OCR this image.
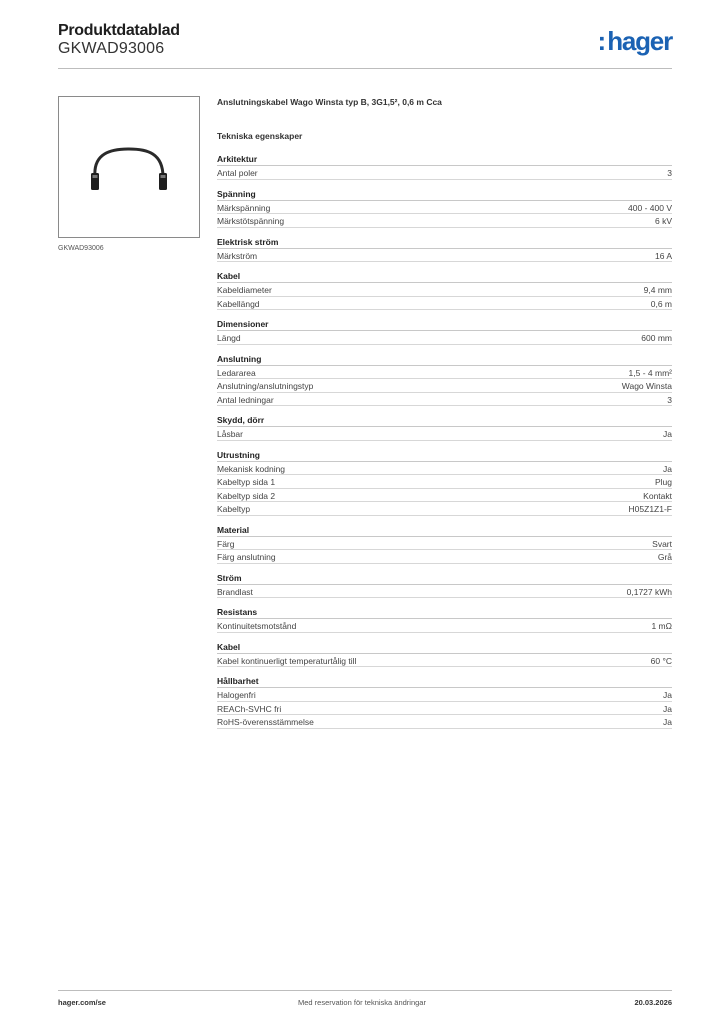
Produktdatablad
GKWAD93006	:hager
GKWAD93006
Anslutningskabel Wago Winsta typ B, 3G1,5², 0,6 m Cca
Tekniska egenskaper
Arkitektur
Antal poler	3
Spänning
Märkspänning	400 - 400 V
Märkstötspänning	6 kV
Elektrisk ström
Märkström	16 A
Kabel
Kabeldiameter	9,4 mm
Kabellängd	0,6 m
Dimensioner
Längd	600 mm
Anslutning
Ledararea	1,5 - 4 mm²
Anslutning/anslutningstyp	Wago Winsta
Antal ledningar	3
Skydd, dörr
Låsbar	Ja
Utrustning
Mekanisk kodning	Ja
Kabeltyp sida 1	Plug
Kabeltyp sida 2	Kontakt
Kabeltyp	H05Z1Z1-F
Material
Färg	Svart
Färg anslutning	Grå
Ström
Brandlast	0,1727 kWh
Resistans
Kontinuitetsmotstånd	1 mΩ
Kabel
Kabel kontinuerligt temperaturtålig till	60 °C
Hållbarhet
Halogenfri	Ja
REACh-SVHC fri	Ja
RoHS-överensstämmelse	Ja
hager.com/se	Med reservation för tekniska ändringar	20.03.2026
